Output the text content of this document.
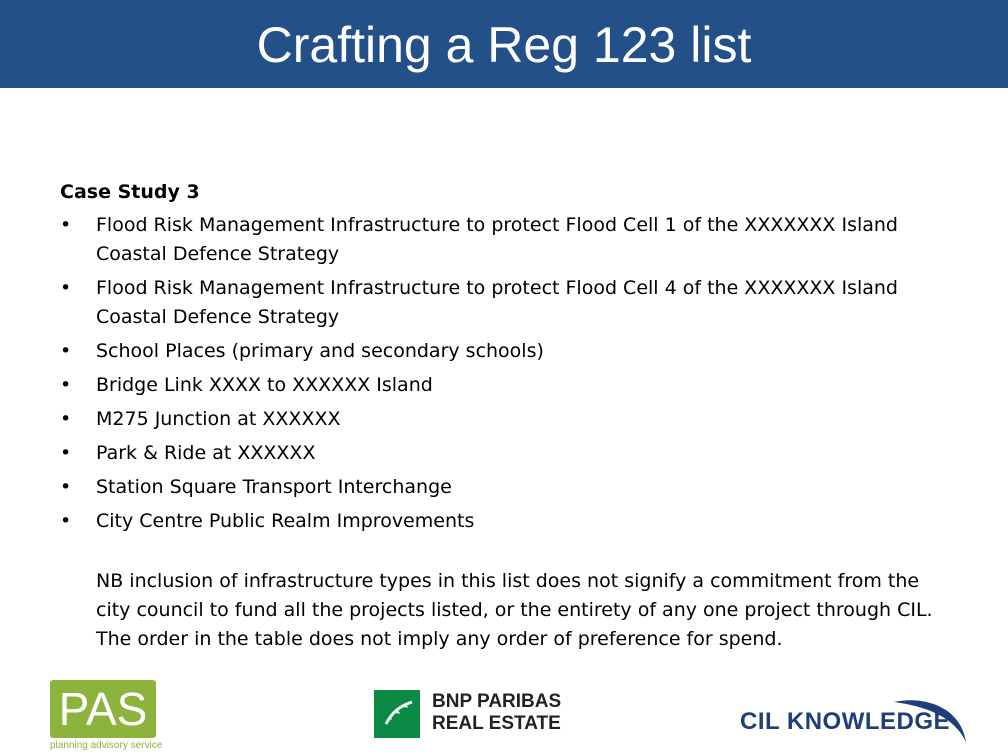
Crafting a Reg 123 list
Case Study 3
•	Flood Risk Management Infrastructure to protect Flood Cell 1 of the XXXXXXX Island Coastal Defence Strategy
•	Flood Risk Management Infrastructure to protect Flood Cell 4 of the XXXXXXX Island Coastal Defence Strategy
•	School Places (primary and secondary schools)
•	Bridge Link XXXX to XXXXXX Island
•	M275 Junction at XXXXXX
•	Park & Ride at XXXXXX
•	Station Square Transport Interchange
•	City Centre Public Realm Improvements
NB inclusion of infrastructure types in this list does not signify a commitment from the city council to fund all the projects listed, or the entirety of any one project through CIL. The order in the table does not imply any order of preference for spend.
PAS
planning advisory service
BNP PARIBAS
REAL ESTATE	CIL KNOWLEDGE
